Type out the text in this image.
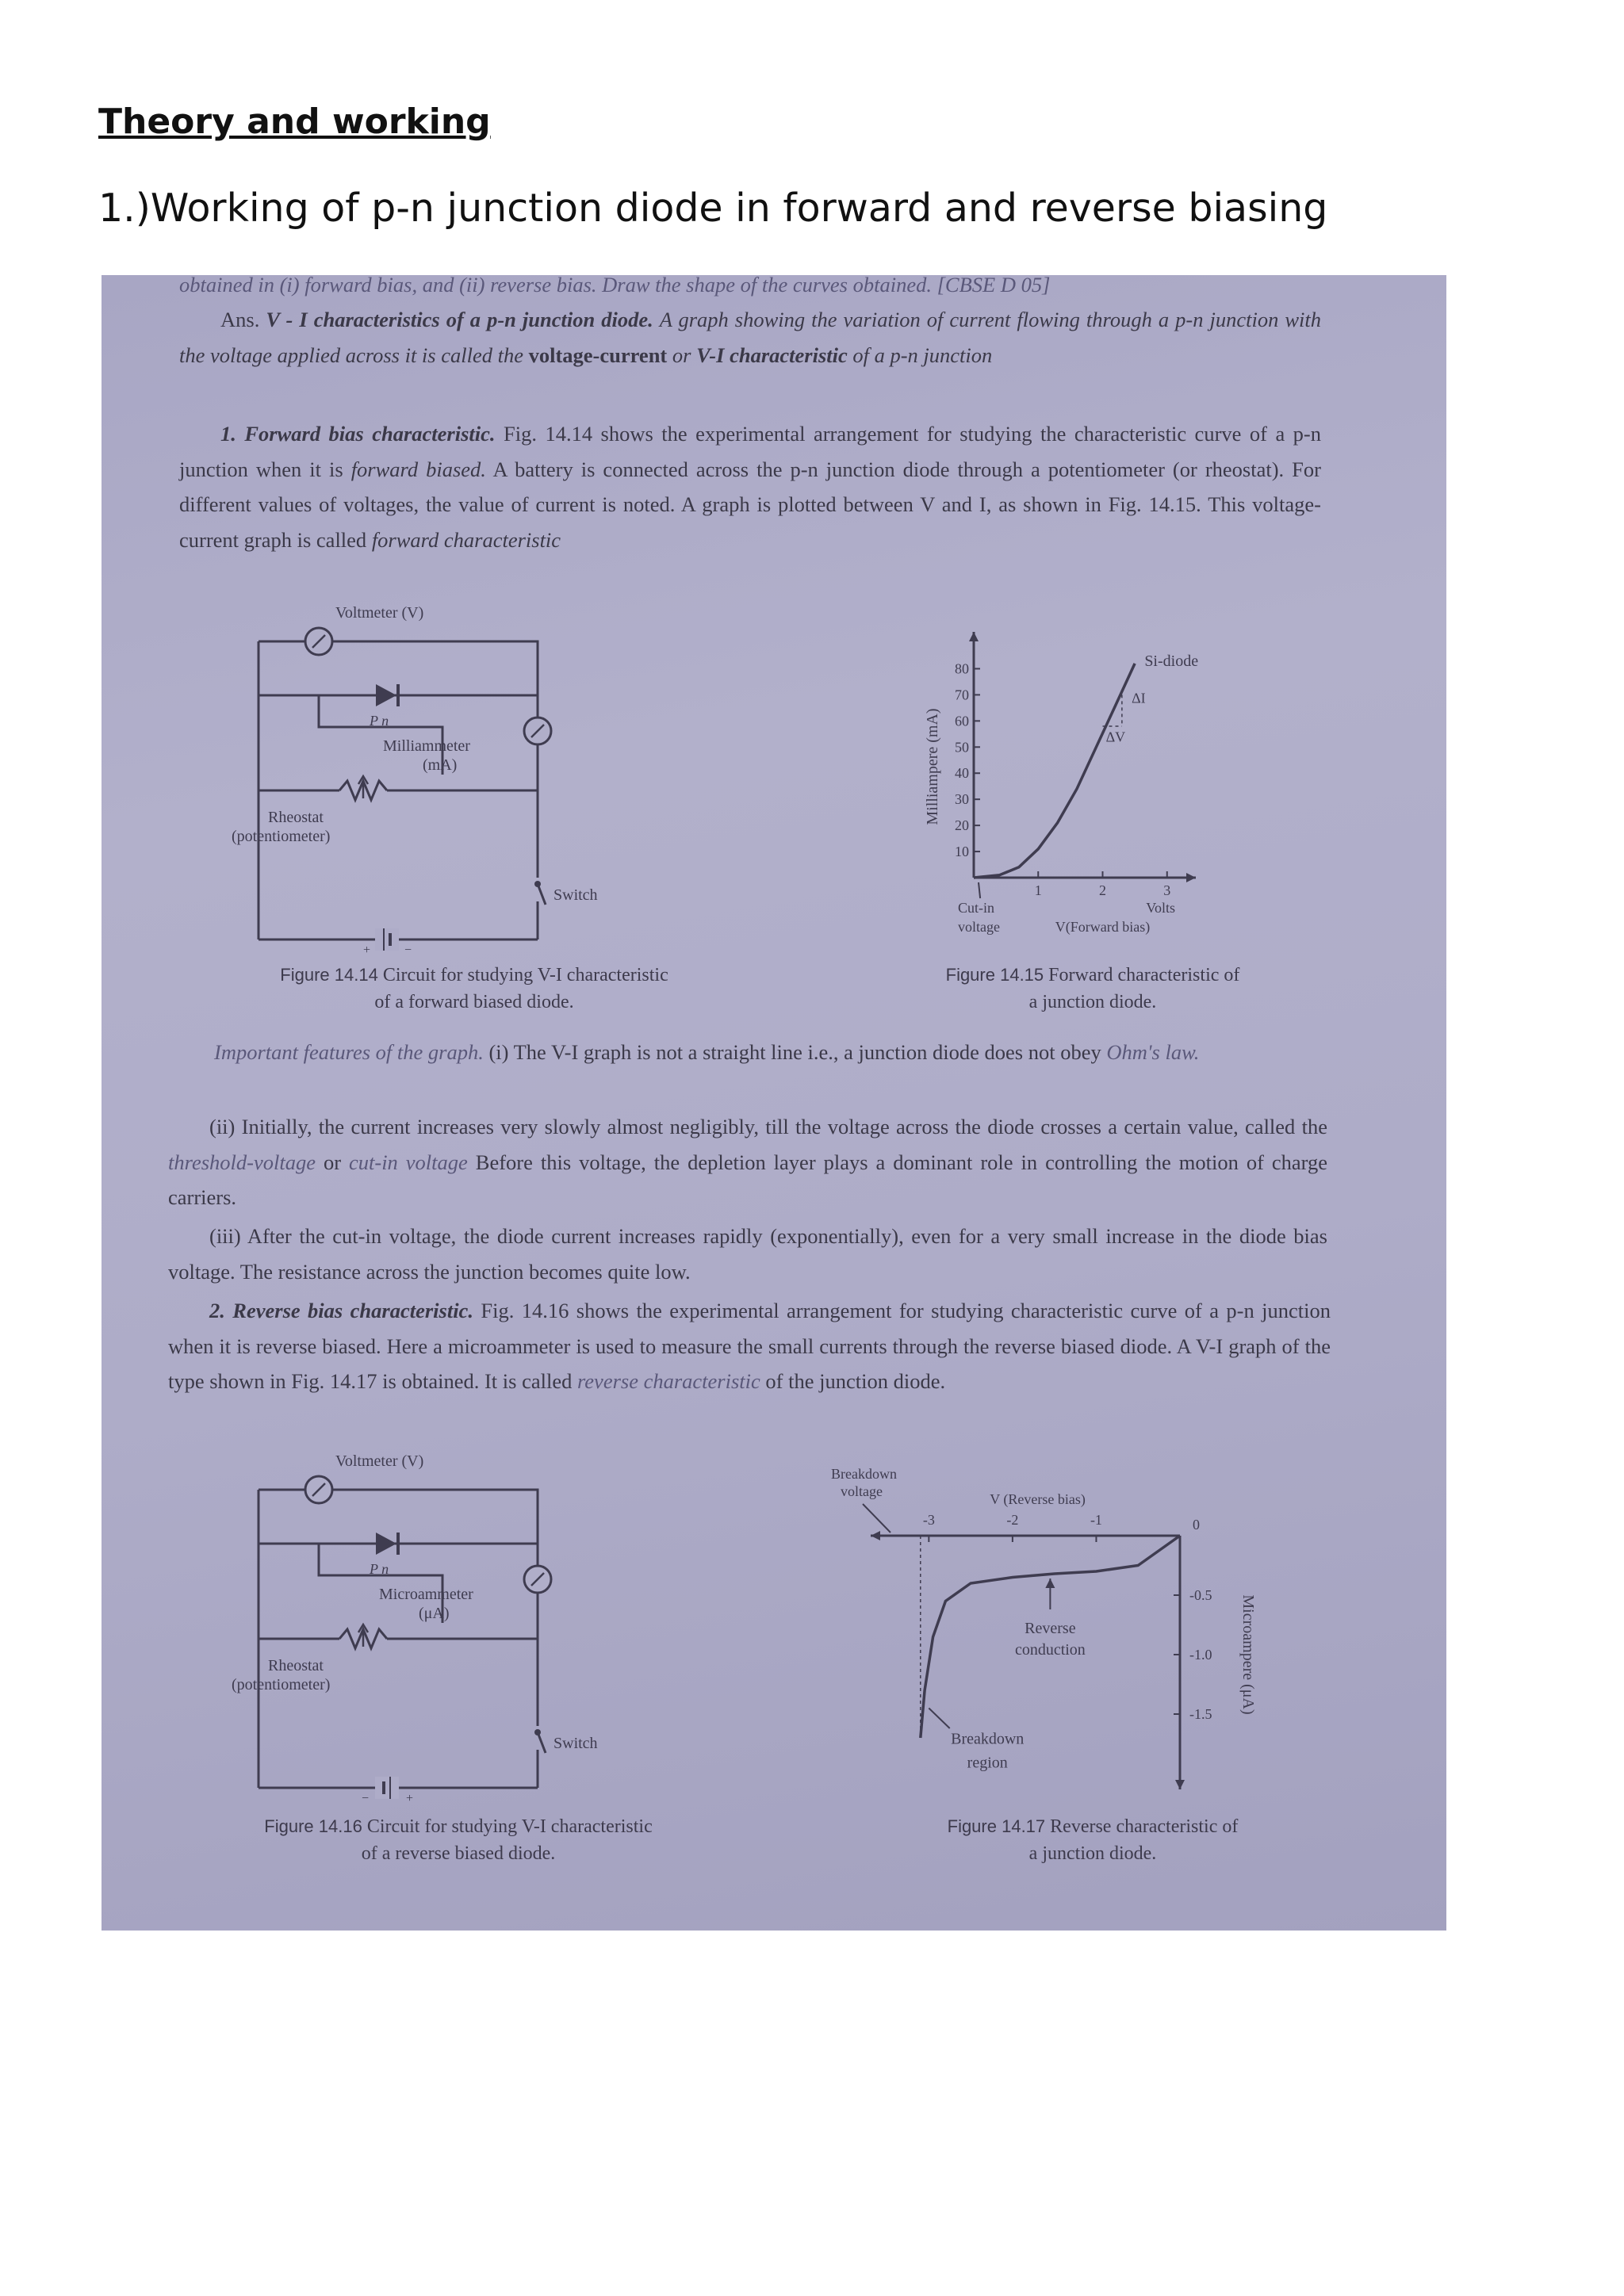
Theory and working

1.)Working of p-n junction diode in forward and reverse biasing

obtained in (i) forward bias, and (ii) reverse bias. Draw the shape of the curves obtained. [CBSE D 05]

Ans. V - I characteristics of a p-n junction diode. A graph showing the variation of current flowing through a p-n junction with the voltage applied across it is called the voltage-current or V-I characteristic of a p-n junction

1. Forward bias characteristic. Fig. 14.14 shows the experimental arrangement for studying the characteristic curve of a p-n junction when it is forward biased. A battery is connected across the p-n junction diode through a potentiometer (or rheostat). For different values of voltages, the value of current is noted. A graph is plotted between V and I, as shown in Fig. 14.15. This voltage-current graph is called forward characteristic

Voltmeter (V)
P n
Milliammeter
(mA)
Rheostat
(potentiometer)
Switch
+	−
Figure 14.14 Circuit for studying V-I characteristic
of a forward biased diode.
10
20
30
40
50
60
70
80
1	2	3
Milliampere (mA)
Volts
V(Forward bias)
Cut-in
voltage
Si-diode
ΔI
ΔV
Figure 14.15 Forward characteristic of
a junction diode.

Important features of the graph. (i) The V-I graph is not a straight line i.e., a junction diode does not obey Ohm's law.

(ii) Initially, the current increases very slowly almost negligibly, till the voltage across the diode crosses a certain value, called the threshold-voltage or cut-in voltage Before this voltage, the depletion layer plays a dominant role in controlling the motion of charge carriers.

(iii) After the cut-in voltage, the diode current increases rapidly (exponentially), even for a very small increase in the diode bias voltage. The resistance across the junction becomes quite low.

2. Reverse bias characteristic. Fig. 14.16 shows the experimental arrangement for studying characteristic curve of a p-n junction when it is reverse biased. Here a microammeter is used to measure the small currents through the reverse biased diode. A V-I graph of the type shown in Fig. 14.17 is obtained. It is called reverse characteristic of the junction diode.

Voltmeter (V)
P n
Microammeter
(μA)
Rheostat
(potentiometer)
Switch
−	+
Figure 14.16 Circuit for studying V-I characteristic
of a reverse biased diode.
0
-3	-2	-1
-0.5
-1.0
-1.5 Microampere (μA)
V (Reverse bias)
Breakdown
voltage
Reverse
conduction
Breakdown
region
Figure 14.17 Reverse characteristic of
a junction diode.
